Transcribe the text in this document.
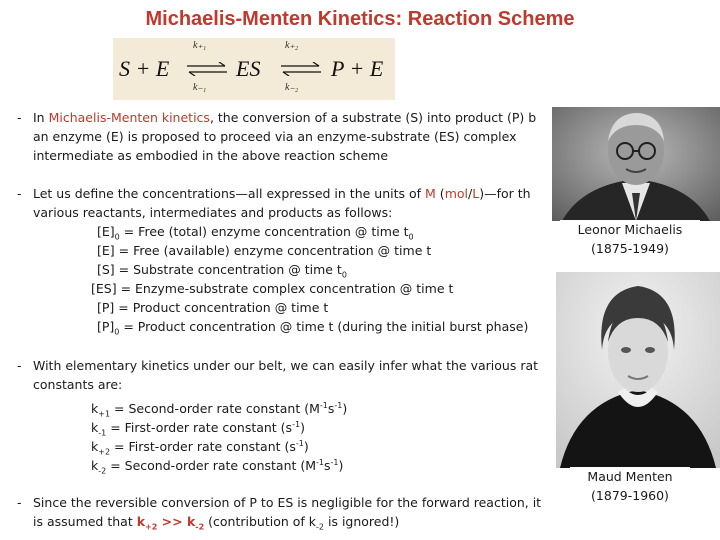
Michaelis-Menten Kinetics: Reaction Scheme
S + E	ES	P + E
k₊₁
k₋₁
k₊₂
k₋₂
- In Michaelis-Menten kinetics, the conversion of a substrate (S) into product (P) b
an enzyme (E) is proposed to proceed via an enzyme-substrate (ES) complex
intermediate as embodied in the above reaction scheme
- Let us define the concentrations—all expressed in the units of M (mol/L)—for th
various reactants, intermediates and products as follows:
$[E]_0$ = Free (total) enzyme concentration @ time $t_0$
[E] = Free (available) enzyme concentration @ time t
[S] = Substrate concentration @ time $t_0$
[ES] = Enzyme-substrate complex concentration @ time t
[P] = Product concentration @ time t
$[P]_0$ = Product concentration @ time t (during the initial burst phase)
- With elementary kinetics under our belt, we can easily infer what the various rat
constants are:
$k_{+1}$ = Second-order rate constant $(M^{-1}s^{-1})$
$k_{-1}$ = First-order rate constant $(s^{-1})$
$k_{+2}$ = First-order rate constant $(s^{-1})$
$k_{-2}$ = Second-order rate constant $(M^{-1}s^{-1})$
- Since the reversible conversion of P to ES is negligible for the forward reaction, it
is assumed that $k_{+2} >> k_{-2}$ (contribution of $k_{-2}$ is ignored!)
Leonor Michaelis
(1875-1949)
Maud Menten
(1879-1960)
